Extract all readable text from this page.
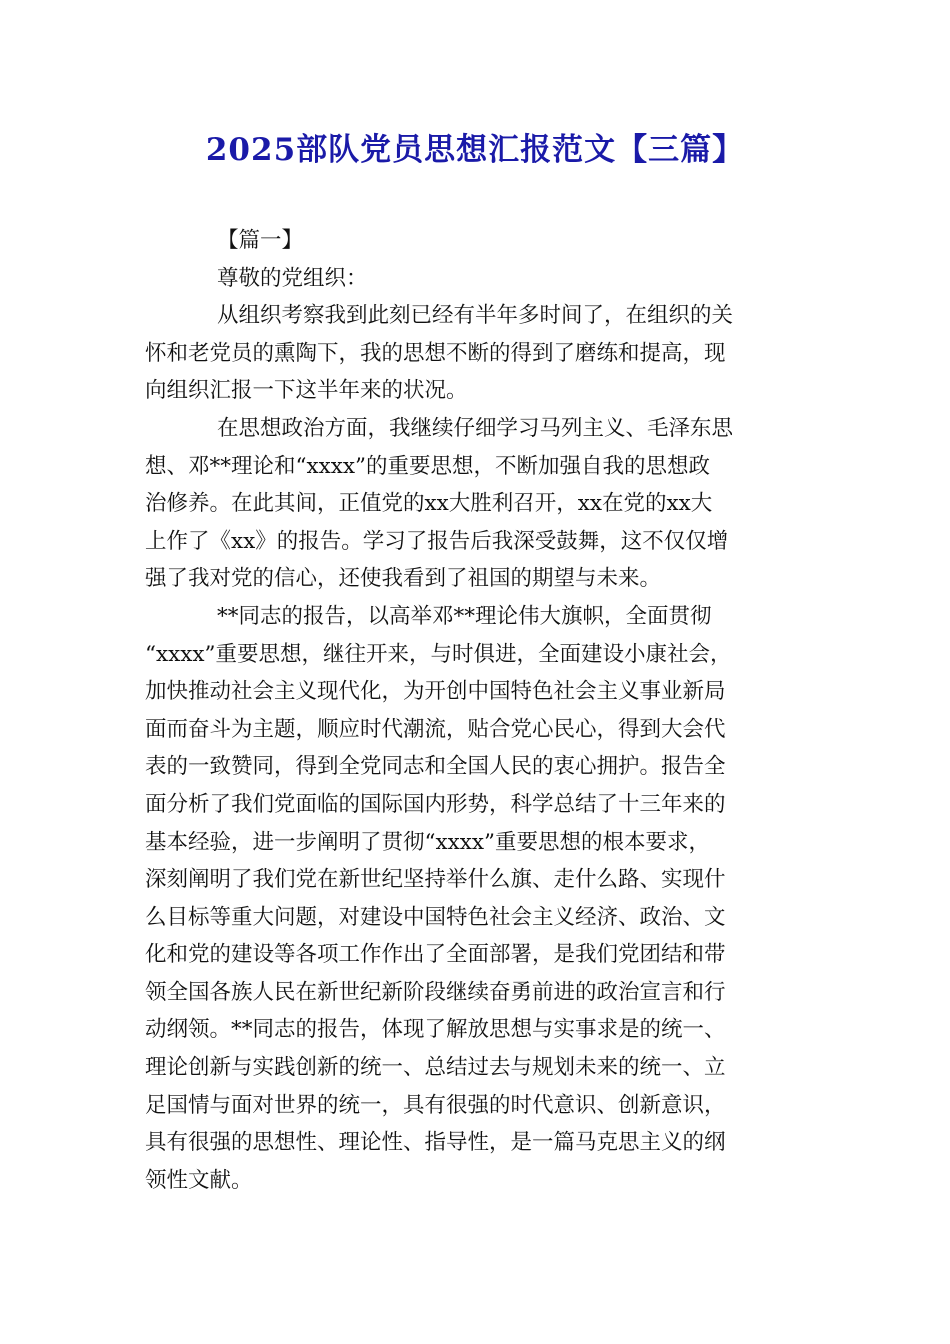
2025部队党员思想汇报范文【三篇】
【篇一】
尊敬的党组织：
从组织考察我到此刻已经有半年多时间了，在组织的关
怀和老党员的熏陶下，我的思想不断的得到了磨练和提高，现
向组织汇报一下这半年来的状况。
在思想政治方面，我继续仔细学习马列主义、毛泽东思
想、邓**理论和“xxxx”的重要思想，不断加强自我的思想政
治修养。在此其间，正值党的xx大胜利召开，xx在党的xx大
上作了《xx》的报告。学习了报告后我深受鼓舞，这不仅仅增
强了我对党的信心，还使我看到了祖国的期望与未来。
**同志的报告，以高举邓**理论伟大旗帜，全面贯彻
“xxxx”重要思想，继往开来，与时俱进，全面建设小康社会，
加快推动社会主义现代化，为开创中国特色社会主义事业新局
面而奋斗为主题，顺应时代潮流，贴合党心民心，得到大会代
表的一致赞同，得到全党同志和全国人民的衷心拥护。报告全
面分析了我们党面临的国际国内形势，科学总结了十三年来的
基本经验，进一步阐明了贯彻“xxxx”重要思想的根本要求，
深刻阐明了我们党在新世纪坚持举什么旗、走什么路、实现什
么目标等重大问题，对建设中国特色社会主义经济、政治、文
化和党的建设等各项工作作出了全面部署，是我们党团结和带
领全国各族人民在新世纪新阶段继续奋勇前进的政治宣言和行
动纲领。**同志的报告，体现了解放思想与实事求是的统一、
理论创新与实践创新的统一、总结过去与规划未来的统一、立
足国情与面对世界的统一，具有很强的时代意识、创新意识，
具有很强的思想性、理论性、指导性，是一篇马克思主义的纲
领性文献。
